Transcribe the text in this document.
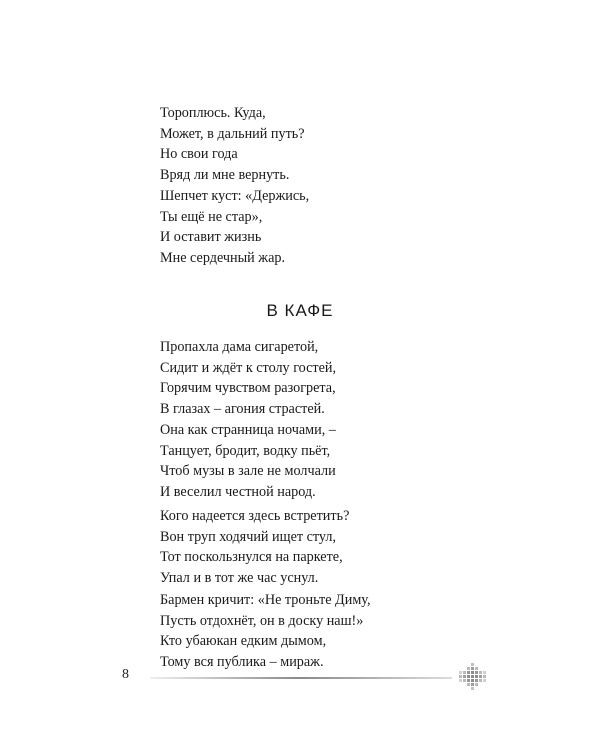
Тороплюсь. Куда,
Может, в дальний путь?
Но свои года
Вряд ли мне вернуть.
Шепчет куст: «Держись,
Ты ещё не стар»,
И оставит жизнь
Мне сердечный жар.
В КАФЕ
Пропахла дама сигаретой,
Сидит и ждёт к столу гостей,
Горячим чувством разогрета,
В глазах – агония страстей.
Она как странница ночами, –
Танцует, бродит, водку пьёт,
Чтоб музы в зале не молчали
И веселил честной народ.
Кого надеется здесь встретить?
Вон труп ходячий ищет стул,
Тот поскользнулся на паркете,
Упал и в тот же час уснул.
Бармен кричит: «Не троньте Диму,
Пусть отдохнёт, он в доску наш!»
Кто убаюкан едким дымом,
Тому вся публика – мираж.
8
